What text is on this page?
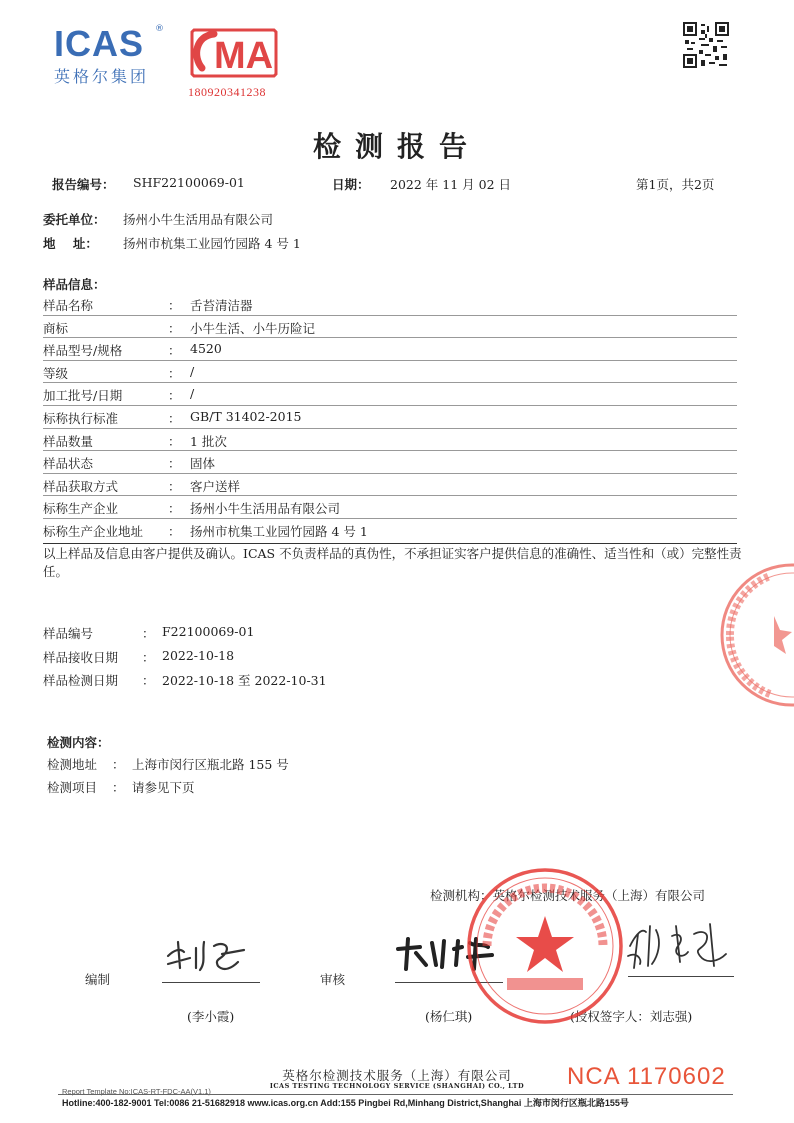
ICAS	®
英格尔集团	MA
180920341238
检测报告
报告编号： SHF22100069-01	日期： 2022 年 11 月 02 日	第1页，共2页
委托单位： 扬州小牛生活用品有限公司
地    址： 扬州市杭集工业园竹园路 4 号 1
样品信息：
样品名称	： 舌苔清洁器
商标	： 小牛生活、小牛历险记
样品型号/规格	： 4520
等级	： /
加工批号/日期	： /
标称执行标准	： GB/T 31402-2015
样品数量	： 1 批次
样品状态	： 固体
样品获取方式	： 客户送样
标称生产企业	： 扬州小牛生活用品有限公司
标称生产企业地址 ： 扬州市杭集工业园竹园路 4 号 1
以上样品及信息由客户提供及确认。ICAS 不负责样品的真伪性，不承担证实客户提供信息的准确性、适当性和（或）完整性责任。
样品编号	： F22100069-01
样品接收日期 ： 2022-10-18
样品检测日期 ： 2022-10-18 至 2022-10-31
检测内容：
检测地址 ： 上海市闵行区瓶北路 155 号
检测项目 ： 请参见下页
检测机构：英格尔检测技术服务（上海）有限公司
编制
(李小霞)
审核
(杨仁琪)	(授权签字人：刘志强)
英格尔检测技术服务（上海）有限公司
ICAS TESTING TECHNOLOGY SERVICE (SHANGHAI) CO., LTD
Report Template No:ICAS-RT-FDC-AA(V1.1)
Hotline:400-182-9001 Tel:0086 21-51682918 www.icas.org.cn Add:155 Pingbei Rd,Minhang District,Shanghai 上海市闵行区瓶北路155号
NCA 1170602
